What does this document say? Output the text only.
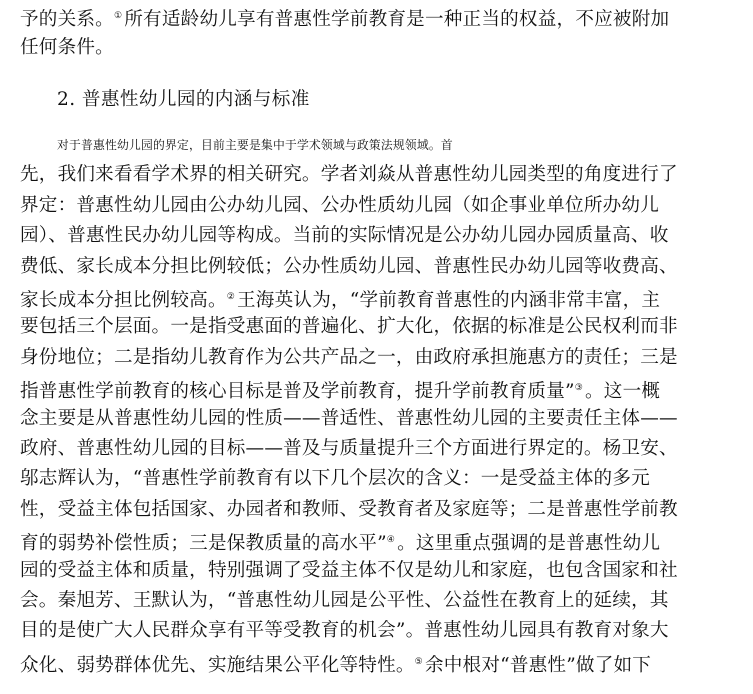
予的关系。① 所有适龄幼儿享有普惠性学前教育是一种正当的权益，不应被附加
任何条件。
2. 普惠性幼儿园的内涵与标准
对于普惠性幼儿园的界定，目前主要是集中于学术领域与政策法规领域。首
先，我们来看看学术界的相关研究。学者刘焱从普惠性幼儿园类型的角度进行了
界定：普惠性幼儿园由公办幼儿园、公办性质幼儿园（如企事业单位所办幼儿
园）、普惠性民办幼儿园等构成。当前的实际情况是公办幼儿园办园质量高、收
费低、家长成本分担比例较低；公办性质幼儿园、普惠性民办幼儿园等收费高、
家长成本分担比例较高。② 王海英认为，“学前教育普惠性的内涵非常丰富，主
要包括三个层面。一是指受惠面的普遍化、扩大化，依据的标准是公民权利而非
身份地位；二是指幼儿教育作为公共产品之一，由政府承担施惠方的责任；三是
指普惠性学前教育的核心目标是普及学前教育，提升学前教育质量”③ 。这一概
念主要是从普惠性幼儿园的性质——普适性、普惠性幼儿园的主要责任主体——
政府、普惠性幼儿园的目标——普及与质量提升三个方面进行界定的。杨卫安、
邬志辉认为，“普惠性学前教育有以下几个层次的含义：一是受益主体的多元
性，受益主体包括国家、办园者和教师、受教育者及家庭等；二是普惠性学前教
育的弱势补偿性质；三是保教质量的高水平”④ 。这里重点强调的是普惠性幼儿
园的受益主体和质量，特别强调了受益主体不仅是幼儿和家庭，也包含国家和社
会。秦旭芳、王默认为，“普惠性幼儿园是公平性、公益性在教育上的延续，其
目的是使广大人民群众享有平等受教育的机会”。普惠性幼儿园具有教育对象大
众化、弱势群体优先、实施结果公平化等特性。⑤ 余中根对“普惠性”做了如下
